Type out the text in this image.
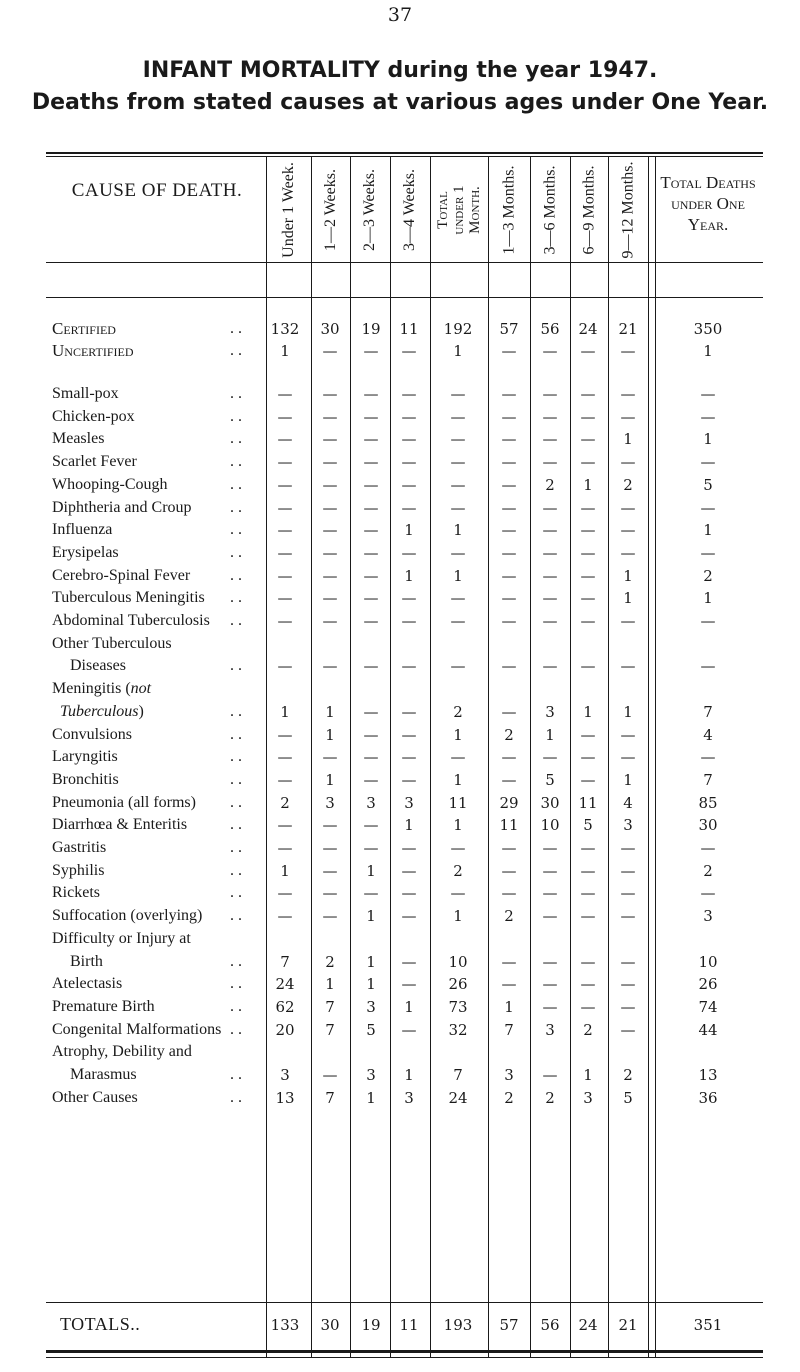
37
INFANT MORTALITY during the year 1947.
Deaths from stated causes at various ages under One Year.
CAUSE OF DEATH.	Under 1 Week. 1—2 Weeks. 2—3 Weeks. 3—4 Weeks. Total under 1 Month. 1—3 Months. 3—6 Months. 6—9 Months. 9—12 Months. Total Deaths under One Year.
Certified	. .	132	30	19	11	192	57	56	24	21	350
Uncertified	. .	1	—	—	—	1	—	—	—	—	1
Small-pox	. .	—	—	—	—	—	—	—	—	—	—
Chicken-pox	. .	—	—	—	—	—	—	—	—	—	—
Measles	. .	—	—	—	—	—	—	—	—	1	1
Scarlet Fever	. .	—	—	—	—	—	—	—	—	—	—
Whooping-Cough	. .	—	—	—	—	—	—	2	1	2	5
Diphtheria and Croup	. .	—	—	—	—	—	—	—	—	—	—
Influenza	. .	—	—	—	1	1	—	—	—	—	1
Erysipelas	. .	—	—	—	—	—	—	—	—	—	—
Cerebro-Spinal Fever	. .	—	—	—	1	1	—	—	—	1	2
Tuberculous Meningitis	. .	—	—	—	—	—	—	—	—	1	1
Abdominal Tuberculosis	. .	—	—	—	—	—	—	—	—	—	—
Other Tuberculous
Diseases	. .	—	—	—	—	—	—	—	—	—	—
Meningitis (not
Tuberculous)	. .	1	1	—	—	2	—	3	1	1	7
Convulsions	. .	—	1	—	—	1	2	1	—	—	4
Laryngitis	. .	—	—	—	—	—	—	—	—	—	—
Bronchitis	. .	—	1	—	—	1	—	5	—	1	7
Pneumonia (all forms)	. .	2	3	3	3	11	29	30	11	4	85
Diarrhœa & Enteritis	. .	—	—	—	1	1	11	10	5	3	30
Gastritis	. .	—	—	—	—	—	—	—	—	—	—
Syphilis	. .	1	—	1	—	2	—	—	—	—	2
Rickets	. .	—	—	—	—	—	—	—	—	—	—
Suffocation (overlying)	. .	—	—	1	—	1	2	—	—	—	3
Difficulty or Injury at
Birth	. .	7	2	1	—	10	—	—	—	—	10
Atelectasis	. .	24	1	1	—	26	—	—	—	—	26
Premature Birth	. .	62	7	3	1	73	1	—	—	—	74
Congenital Malformations . .	20	7	5	—	32	7	3	2	—	44
Atrophy, Debility and
Marasmus	. .	3	—	3	1	7	3	—	1	2	13
Other Causes	. .	13	7	1	3	24	2	2	3	5	36
TOTALS..	133	30	19	11	193	57	56	24	21	351
